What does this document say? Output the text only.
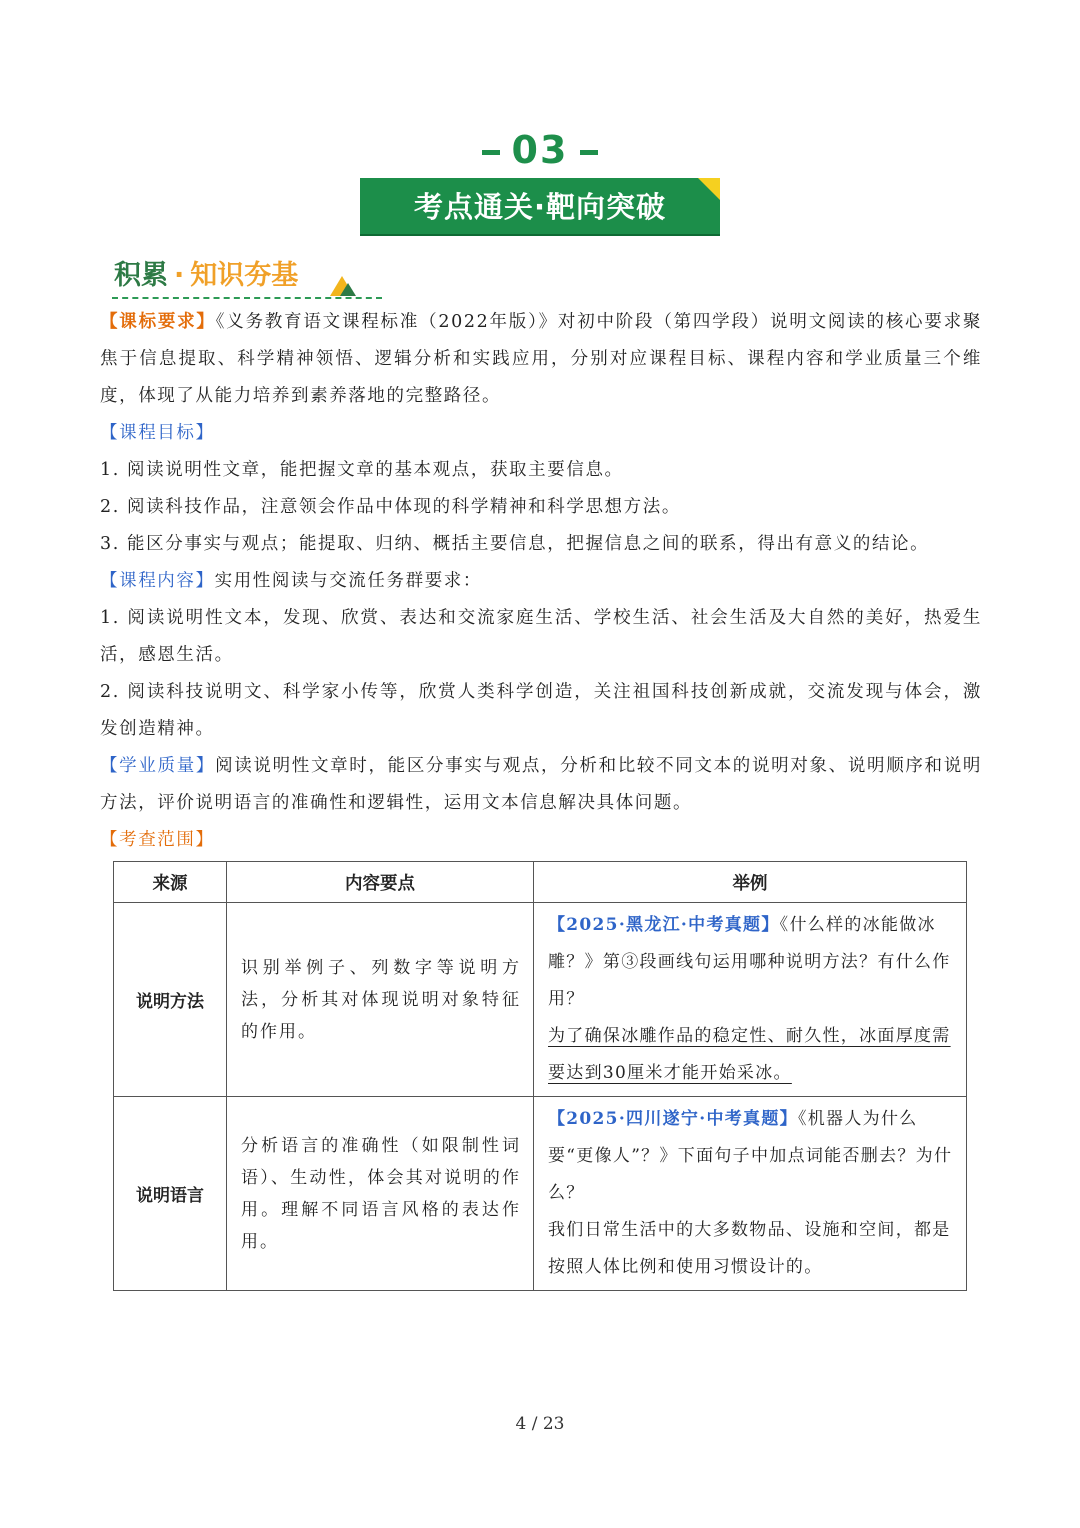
03
考点通关·靶向突破
积累 · 知识夯基

【课标要求】《义务教育语文课程标准（2022年版）》对初中阶段（第四学段）说明文阅读的核心要求聚焦于信息提取、科学精神领悟、逻辑分析和实践应用，分别对应课程目标、课程内容和学业质量三个维度，体现了从能力培养到素养落地的完整路径。

【课程目标】

1. 阅读说明性文章，能把握文章的基本观点，获取主要信息。

2. 阅读科技作品，注意领会作品中体现的科学精神和科学思想方法。

3. 能区分事实与观点；能提取、归纳、概括主要信息，把握信息之间的联系，得出有意义的结论。

【课程内容】实用性阅读与交流任务群要求：

1. 阅读说明性文本，发现、欣赏、表达和交流家庭生活、学校生活、社会生活及大自然的美好，热爱生活，感恩生活。

2. 阅读科技说明文、科学家小传等，欣赏人类科学创造，关注祖国科技创新成就，交流发现与体会，激发创造精神。

【学业质量】阅读说明性文章时，能区分事实与观点，分析和比较不同文本的说明对象、说明顺序和说明方法，评价说明语言的准确性和逻辑性，运用文本信息解决具体问题。

【考查范围】

来源	内容要点	举例
说明方法	识别举例子、列数字等说明方法，分析其对体现说明对象特征的作用。	【2025·黑龙江·中考真题】《什么样的冰能做冰雕？》第③段画线句运用哪种说明方法？有什么作用？
为了确保冰雕作品的稳定性、耐久性，冰面厚度需要达到30厘米才能开始采冰。
说明语言	分析语言的准确性（如限制性词语）、生动性，体会其对说明的作用。理解不同语言风格的表达作用。	【2025·四川遂宁·中考真题】《机器人为什么要“更像人”？》下面句子中加点词能否删去？为什么？
我们日常生活中的大多数物品、设施和空间，都是按照人体比例和使用习惯设计的。
4 / 23
